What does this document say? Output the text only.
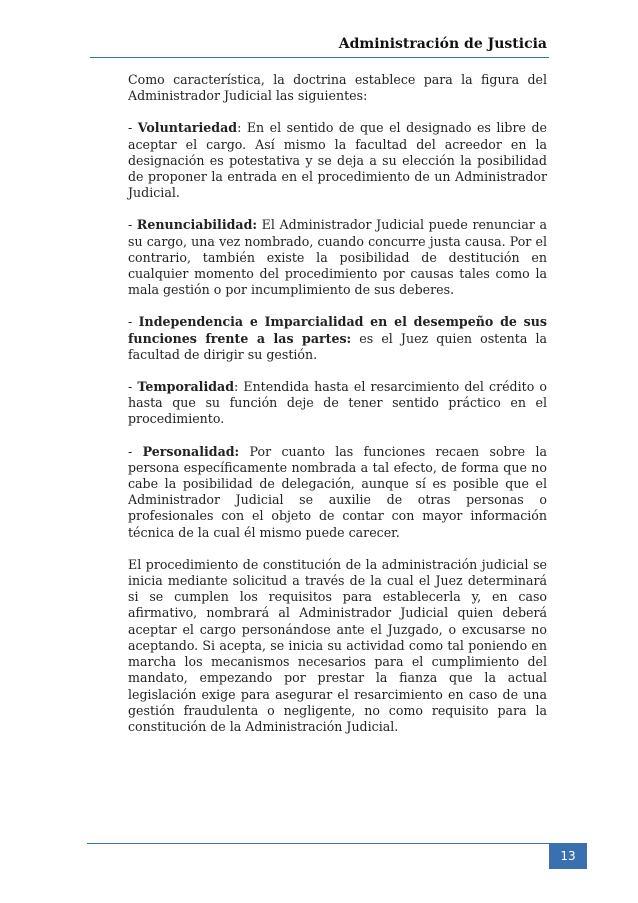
Administración de Justicia

Como característica, la doctrina establece para la figura del Administrador Judicial las siguientes:

- Voluntariedad: En el sentido de que el designado es libre de aceptar el cargo. Así mismo la facultad del acreedor en la designación es potestativa y se deja a su elección la posibilidad de proponer la entrada en el procedimiento de un Administrador Judicial.

- Renunciabilidad: El Administrador Judicial puede renunciar a su cargo, una vez nombrado, cuando concurre justa causa. Por el contrario, también existe la posibilidad de destitución en cualquier momento del procedimiento por causas tales como la mala gestión o por incumplimiento de sus deberes.

- Independencia e Imparcialidad en el desempeño de sus funciones frente a las partes: es el Juez quien ostenta la facultad de dirigir su gestión.

- Temporalidad: Entendida hasta el resarcimiento del crédito o hasta que su función deje de tener sentido práctico en el procedimiento.

- Personalidad: Por cuanto las funciones recaen sobre la persona específicamente nombrada a tal efecto, de forma que no cabe la posibilidad de delegación, aunque sí es posible que el Administrador Judicial se auxilie de otras personas o profesionales con el objeto de contar con mayor información técnica de la cual él mismo puede carecer.

El procedimiento de constitución de la administración judicial se inicia mediante solicitud a través de la cual el Juez determinará si se cumplen los requisitos para establecerla y, en caso afirmativo, nombrará al Administrador Judicial quien deberá aceptar el cargo personándose ante el Juzgado, o excusarse no aceptando. Si acepta, se inicia su actividad como tal poniendo en marcha los mecanismos necesarios para el cumplimiento del mandato, empezando por prestar la fianza que la actual legislación exige para asegurar el resarcimiento en caso de una gestión fraudulenta o negligente, no como requisito para la constitución de la Administración Judicial.

13
